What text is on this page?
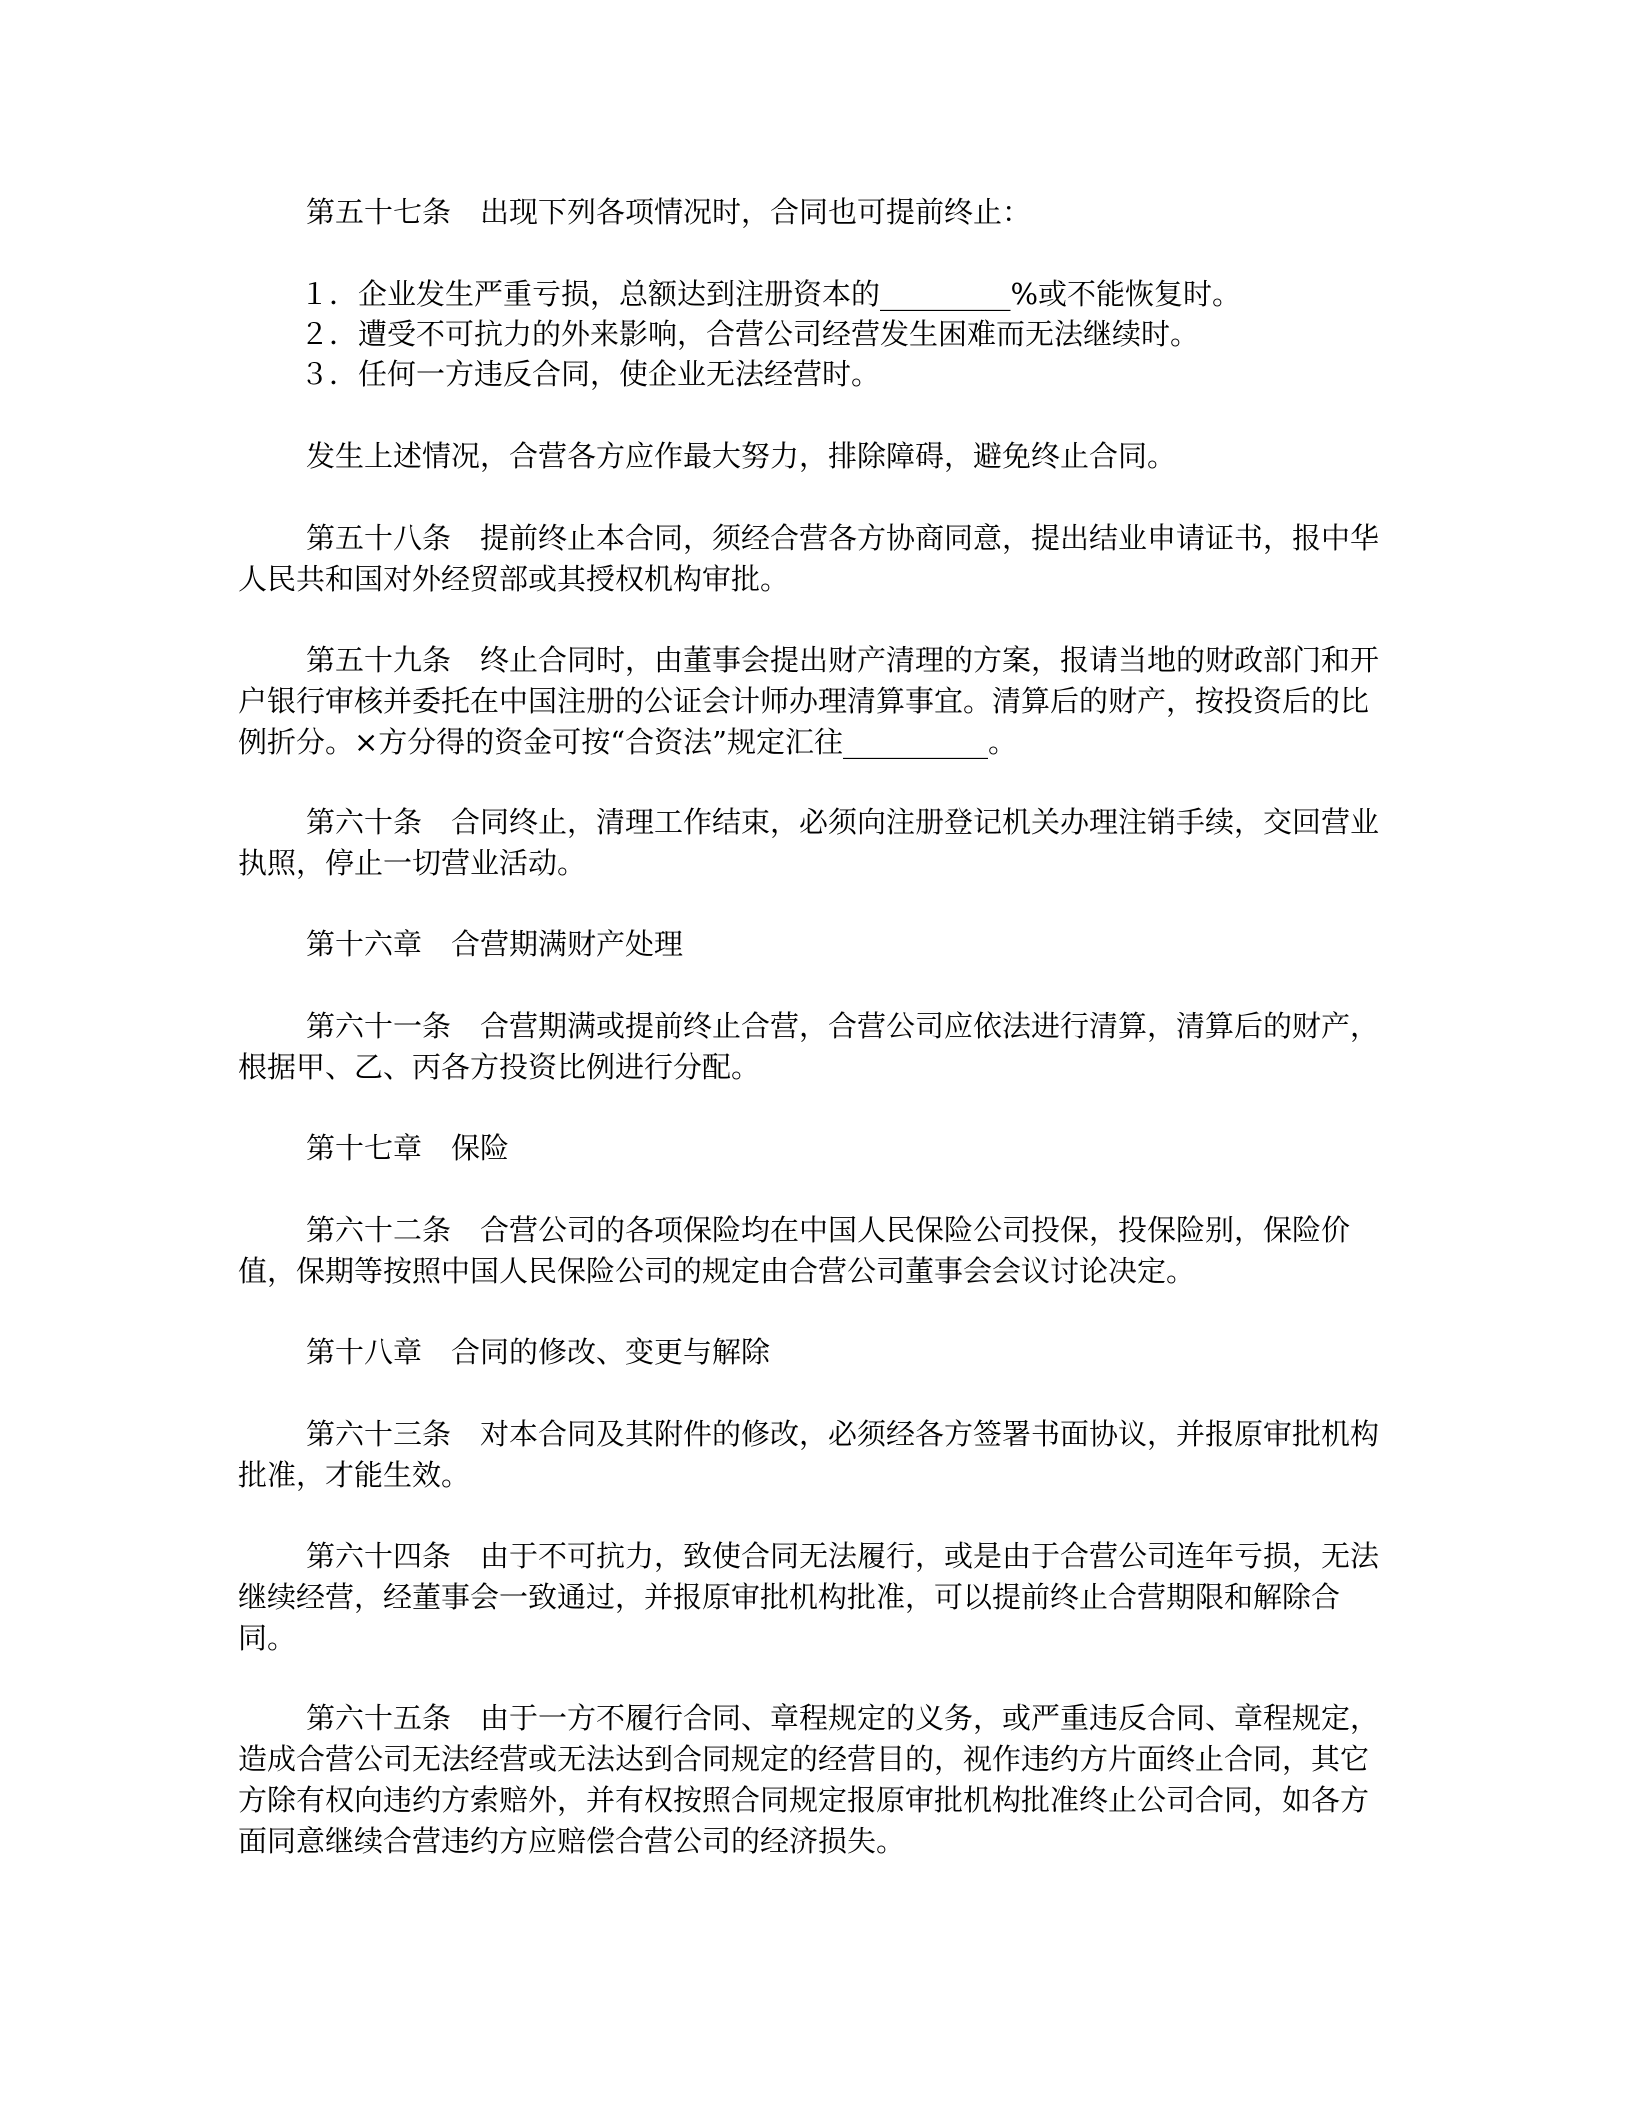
第五十七条　出现下列各项情况时，合同也可提前终止：

１．企业发生严重亏损，总额达到注册资本的_________%或不能恢复时。

２．遭受不可抗力的外来影响，合营公司经营发生困难而无法继续时。

３．任何一方违反合同，使企业无法经营时。

发生上述情况，合营各方应作最大努力，排除障碍，避免终止合同。

第五十八条　提前终止本合同，须经合营各方协商同意，提出结业申请证书，报中华人民共和国对外经贸部或其授权机构审批。

第五十九条　终止合同时，由董事会提出财产清理的方案，报请当地的财政部门和开户银行审核并委托在中国注册的公证会计师办理清算事宜。清算后的财产，按投资后的比例折分。×方分得的资金可按“合资法”规定汇往__________。

第六十条　合同终止，清理工作结束，必须向注册登记机关办理注销手续，交回营业执照，停止一切营业活动。

第十六章　合营期满财产处理

第六十一条　合营期满或提前终止合营，合营公司应依法进行清算，清算后的财产，根据甲、乙、丙各方投资比例进行分配。

第十七章　保险

第六十二条　合营公司的各项保险均在中国人民保险公司投保，投保险别，保险价值，保期等按照中国人民保险公司的规定由合营公司董事会会议讨论决定。

第十八章　合同的修改、变更与解除

第六十三条　对本合同及其附件的修改，必须经各方签署书面协议，并报原审批机构批准，才能生效。

第六十四条　由于不可抗力，致使合同无法履行，或是由于合营公司连年亏损，无法继续经营，经董事会一致通过，并报原审批机构批准，可以提前终止合营期限和解除合同。

第六十五条　由于一方不履行合同、章程规定的义务，或严重违反合同、章程规定，造成合营公司无法经营或无法达到合同规定的经营目的，视作违约方片面终止合同，其它方除有权向违约方索赔外，并有权按照合同规定报原审批机构批准终止公司合同，如各方面同意继续合营违约方应赔偿合营公司的经济损失。
